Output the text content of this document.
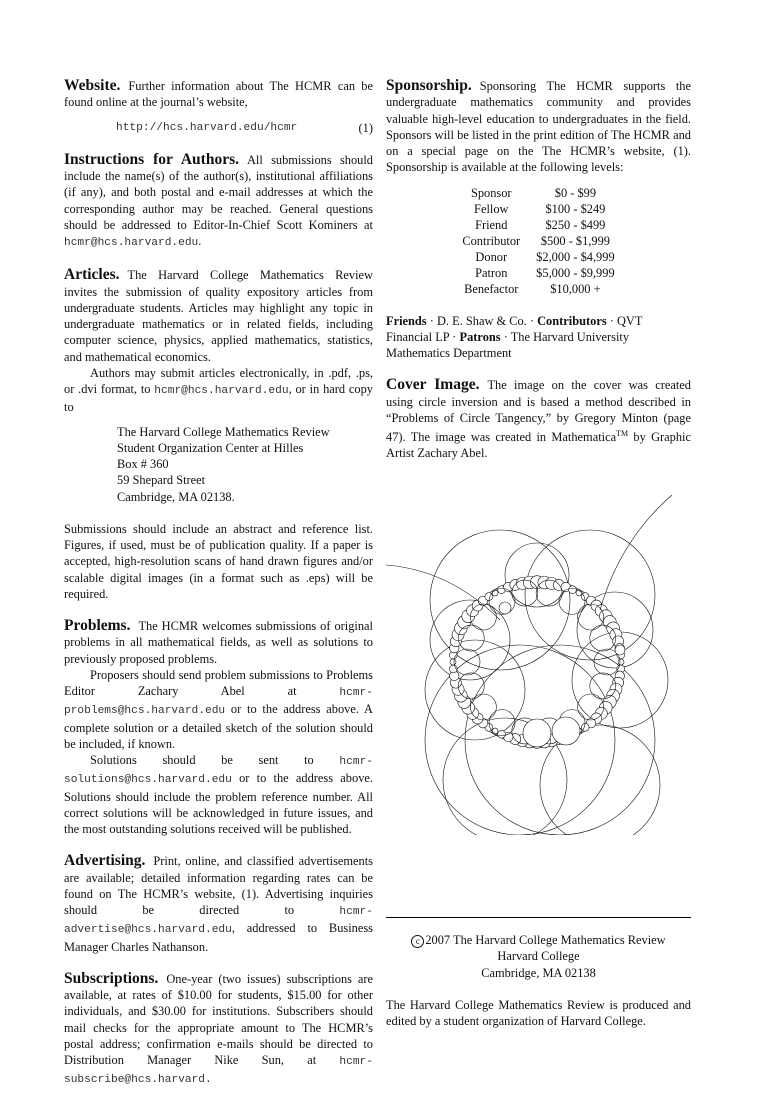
Website. Further information about The HCMR can be found online at the journal’s website,

http://hcs.harvard.edu/hcmr	(1)

Instructions for Authors. All submissions should include the name(s) of the author(s), institutional affiliations (if any), and both postal and e-mail addresses at which the corresponding author may be reached. General questions should be addressed to Editor-In-Chief Scott Kominers at hcmr@hcs.harvard.edu.

Articles. The Harvard College Mathematics Review invites the submission of quality expository articles from undergraduate students. Articles may highlight any topic in undergraduate mathematics or in related fields, including computer science, physics, applied mathematics, statistics, and mathematical economics.

Authors may submit articles electronically, in .pdf, .ps, or .dvi format, to hcmr@hcs.harvard.edu, or in hard copy to

The Harvard College Mathematics Review
Student Organization Center at Hilles
Box # 360
59 Shepard Street
Cambridge, MA 02138.

Submissions should include an abstract and reference list. Figures, if used, must be of publication quality. If a paper is accepted, high-resolution scans of hand drawn figures and/or scalable digital images (in a format such as .eps) will be required.

Problems. The HCMR welcomes submissions of original problems in all mathematical fields, as well as solutions to previously proposed problems.

Proposers should send problem submissions to Problems Editor Zachary Abel at	hcmr-problems@hcs.harvard.edu or to the address above. A complete solution or a detailed sketch of the solution should be included, if known.

Solutions should be sent to hcmr-solutions@hcs.harvard.edu or to the address above. Solutions should include the problem reference number. All correct solutions will be acknowledged in future issues, and the most outstanding solutions received will be published.

Advertising. Print, online, and classified advertisements are available; detailed information regarding rates can be found on The HCMR’s website, (1). Advertising inquiries should be directed to	hcmr-advertise@hcs.harvard.edu, addressed to Business Manager Charles Nathanson.

Subscriptions. One-year (two issues) subscriptions are available, at rates of $10.00 for students, $15.00 for other individuals, and $30.00 for institutions. Subscribers should mail checks for the appropriate amount to The HCMR’s postal address; confirmation e-mails should be directed to Distribution Manager Nike Sun, at hcmr-subscribe@hcs.harvard.

Sponsorship. Sponsoring The HCMR supports the undergraduate mathematics community and provides valuable high-level education to undergraduates in the field. Sponsors will be listed in the print edition of The HCMR and on a special page on the The HCMR’s website, (1). Sponsorship is available at the following levels:

Sponsor	$0 - $99
Fellow	$100 - $249
Friend	$250 - $499
Contributor	$500 - $1,999
Donor	$2,000 - $4,999
Patron	$5,000 - $9,999
Benefactor	$10,000 +

Friends · D. E. Shaw & Co. · Contributors · QVT Financial LP · Patrons · The Harvard University Mathematics Department

Cover Image. The image on the cover was created using circle inversion and is based a method described in “Problems of Circle Tangency,” by Gregory Minton (page 47). The image was created in Mathematica™ by Graphic Artist Zachary Abel.

c 2007 The Harvard College Mathematics Review
Harvard College
Cambridge, MA 02138

The Harvard College Mathematics Review is produced and edited by a student organization of Harvard College.
